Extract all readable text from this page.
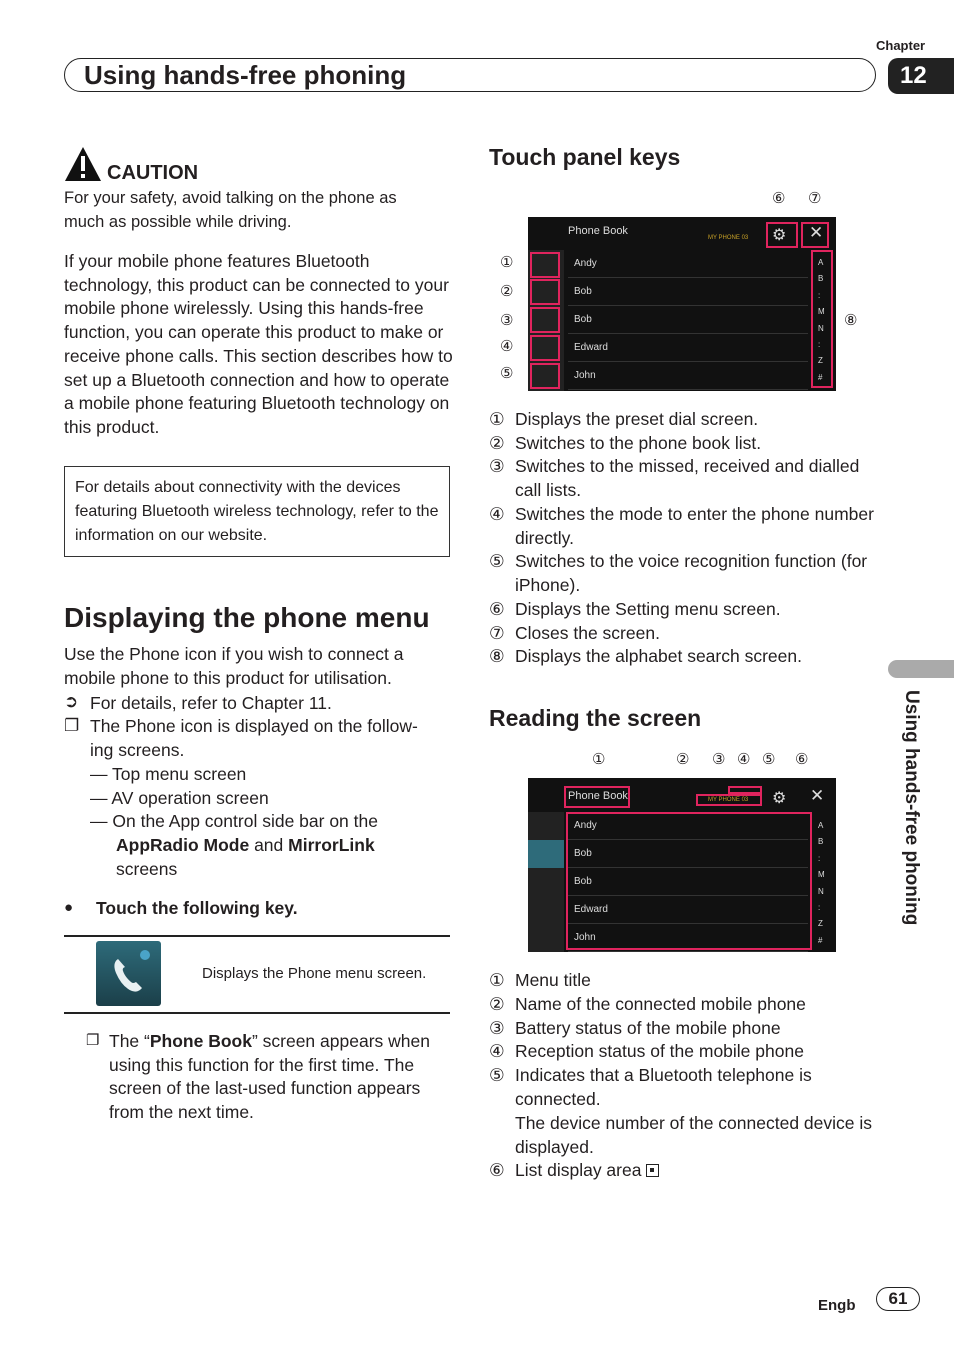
Chapter
12
Using hands-free phoning
Using hands-free phoning
CAUTION
For your safety, avoid talking on the phone as much as possible while driving.
If your mobile phone features Bluetooth technology, this product can be connected to your mobile phone wirelessly. Using this hands-free function, you can operate this product to make or receive phone calls. This section describes how to set up a Bluetooth connection and how to operate a mobile phone featuring Bluetooth technology on this product.
For details about connectivity with the devices featuring Bluetooth wireless technology, refer to the information on our website.
Displaying the phone menu
Use the Phone icon if you wish to connect a mobile phone to this product for utilisation.
➲ For details, refer to Chapter 11.
❐ The Phone icon is displayed on the follow-
ing screens.
— Top menu screen
— AV operation screen
— On the App control side bar on the
AppRadio Mode and MirrorLink
screens
● Touch the following key.
Displays the Phone menu screen.
❐ The “Phone Book” screen appears when using this function for the first time. The screen of the last-used function appears from the next time.
Touch panel keys
⑥ ⑦
①
②
③
④
⑤
⑧
Phone Book
MY PHONE 03 ⚙ ✕
Andy
Bob
Bob
Edward
John
A
B
:
M
N
:
Z
#
① Displays the preset dial screen.
② Switches to the phone book list.
③ Switches to the missed, received and dialled call lists.
④ Switches the mode to enter the phone number directly.
⑤ Switches to the voice recognition function (for iPhone).
⑥ Displays the Setting menu screen.
⑦ Closes the screen.
⑧ Displays the alphabet search screen.
Reading the screen
①	② ③ ④ ⑤ ⑥
Phone Book	MY PHONE 03 ⚙ ✕
Andy
Bob
Bob
Edward
John
A
B
:
M
N
:
Z
#
① Menu title
② Name of the connected mobile phone
③ Battery status of the mobile phone
④ Reception status of the mobile phone
⑤ Indicates that a Bluetooth telephone is connected.
The device number of the connected device is displayed.
⑥ List display area
Engb	61
